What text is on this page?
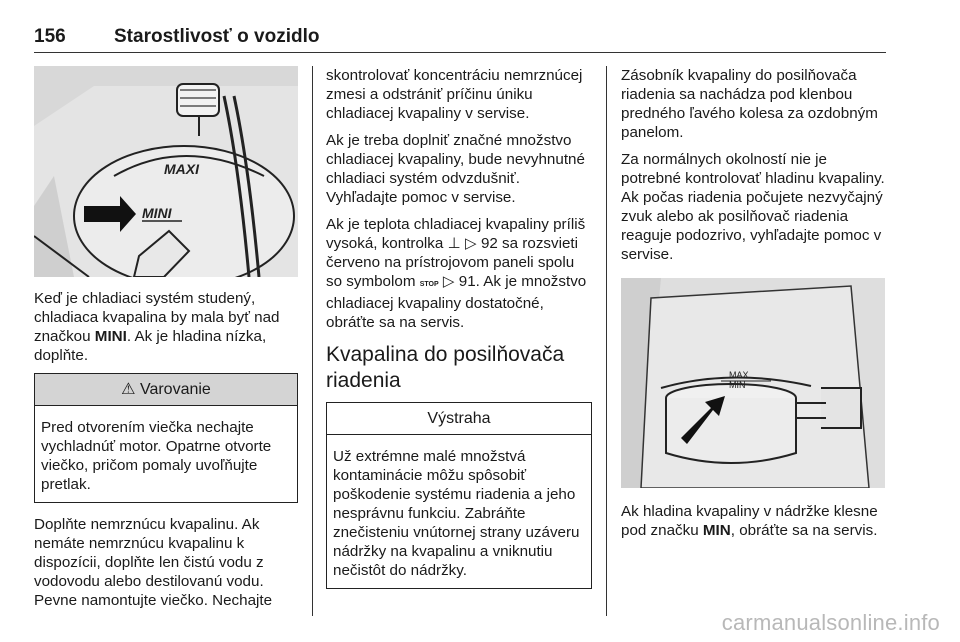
156	Starostlivosť o vozidlo
MAXI
MINI

Keď je chladiaci systém studený, chladiaca kvapalina by mala byť nad značkou MINI. Ak je hladina nízka, doplňte.

⚠ Varovanie
Pred otvorením viečka nechajte vychladnúť motor. Opatrne otvorte viečko, pričom pomaly uvoľňujte pretlak.

Doplňte nemrznúcu kvapalinu. Ak nemáte nemrznúcu kvapalinu k dispozícii, doplňte len čistú vodu z vodovodu alebo destilovanú vodu. Pevne namontujte viečko. Nechajte

skontrolovať koncentráciu nemrznúcej zmesi a odstrániť príčinu úniku chladiacej kvapaliny v servise.

Ak je treba doplniť značné množstvo chladiacej kvapaliny, bude nevyhnutné chladiaci systém odvzdušniť. Vyhľadajte pomoc v servise.

Ak je teplota chladiacej kvapaliny príliš vysoká, kontrolka ⊥ ▷ 92 sa rozsvieti červeno na prístrojovom paneli spolu so symbolom STOP ▷ 91. Ak je množstvo chladiacej kvapaliny dostatočné, obráťte sa na servis.

Kvapalina do posilňovača riadenia
Výstraha
Už extrémne malé množstvá kontaminácie môžu spôsobiť poškodenie systému riadenia a jeho nesprávnu funkciu. Zabráňte znečisteniu vnútornej strany uzáveru nádržky na kvapalinu a vniknutiu nečistôt do nádržky.

Zásobník kvapaliny do posilňovača riadenia sa nachádza pod klenbou predného ľavého kolesa za ozdobným panelom.

Za normálnych okolností nie je potrebné kontrolovať hladinu kvapaliny. Ak počas riadenia počujete nezvyčajný zvuk alebo ak posilňovač riadenia reaguje podozrivo, vyhľadajte pomoc v servise.

MAX
MIN

Ak hladina kvapaliny v nádržke klesne pod značku MIN, obráťte sa na servis.

carmanualsonline.info
